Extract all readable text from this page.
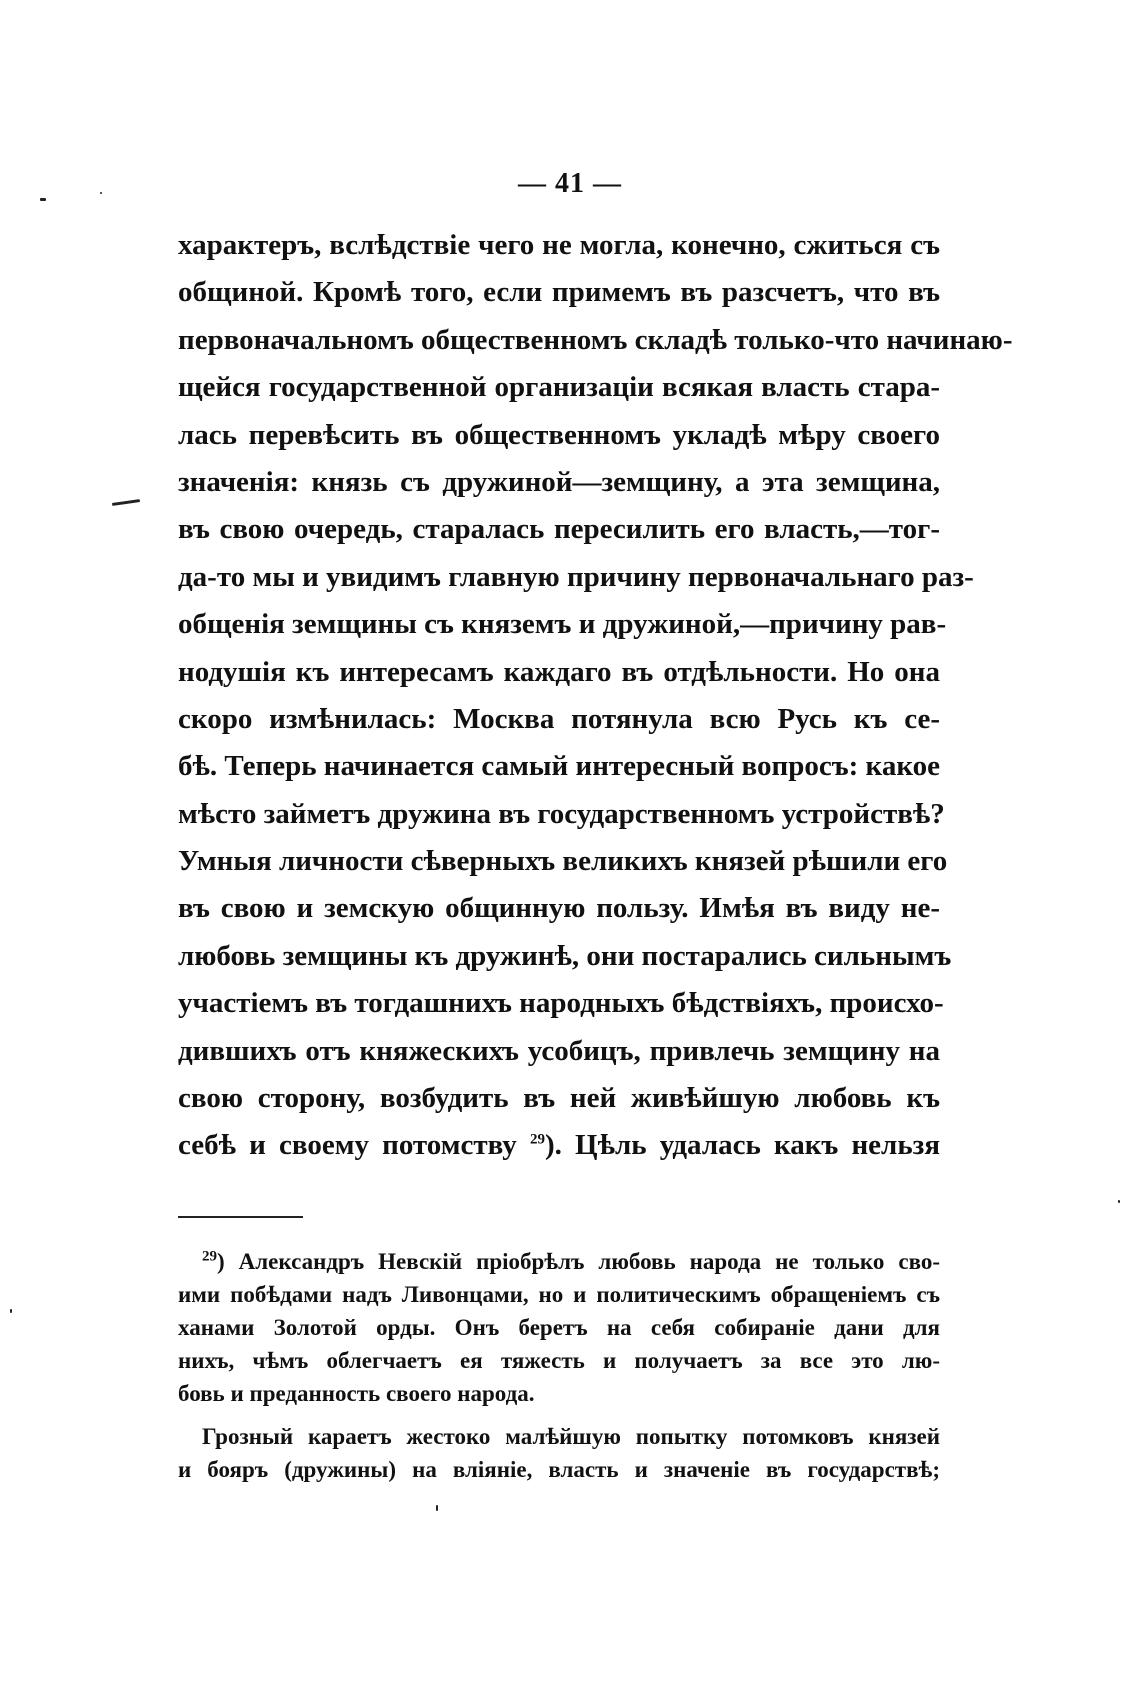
— 41 —
характеръ, вслѣдствіе чего не могла, конечно, сжиться съ
общиной. Кромѣ того, если примемъ въ разсчетъ, что въ
первоначальномъ общественномъ складѣ только-что начинаю-
щейся государственной организаціи всякая власть стара-
лась перевѣсить въ общественномъ укладѣ мѣру своего
значенія: князь съ дружиной—земщину, а эта земщина,
въ свою очередь, старалась пересилить его власть,—тог-
да-то мы и увидимъ главную причину первоначальнаго раз-
общенія земщины съ княземъ и дружиной,—причину рав-
нодушія къ интересамъ каждаго въ отдѣльности. Но она
скоро измѣнилась: Москва потянула всю Русь къ се-
бѣ. Теперь начинается самый интересный вопросъ: какое
мѣсто займетъ дружина въ государственномъ устройствѣ?
Умныя личности сѣверныхъ великихъ князей рѣшили его
въ свою и земскую общинную пользу. Имѣя въ виду не-
любовь земщины къ дружинѣ, они постарались сильнымъ
участіемъ въ тогдашнихъ народныхъ бѣдствіяхъ, происхо-
дившихъ отъ княжескихъ усобицъ, привлечь земщину на
свою сторону, возбудить въ ней живѣйшую любовь къ
себѣ и своему потомству $^{29}$). Цѣль удалась какъ нельзя
$^{29}$) Александръ Невскій пріобрѣлъ любовь народа не только сво-
ими побѣдами надъ Ливонцами, но и политическимъ обращеніемъ съ
ханами Золотой орды. Онъ беретъ на себя собираніе дани для
нихъ, чѣмъ облегчаетъ ея тяжесть и получаетъ за все это лю-
бовь и преданность своего народа.
Грозный караетъ жестоко малѣйшую попытку потомковъ князей
и бояръ (дружины) на вліяніе, власть и значеніе въ государствѣ;
